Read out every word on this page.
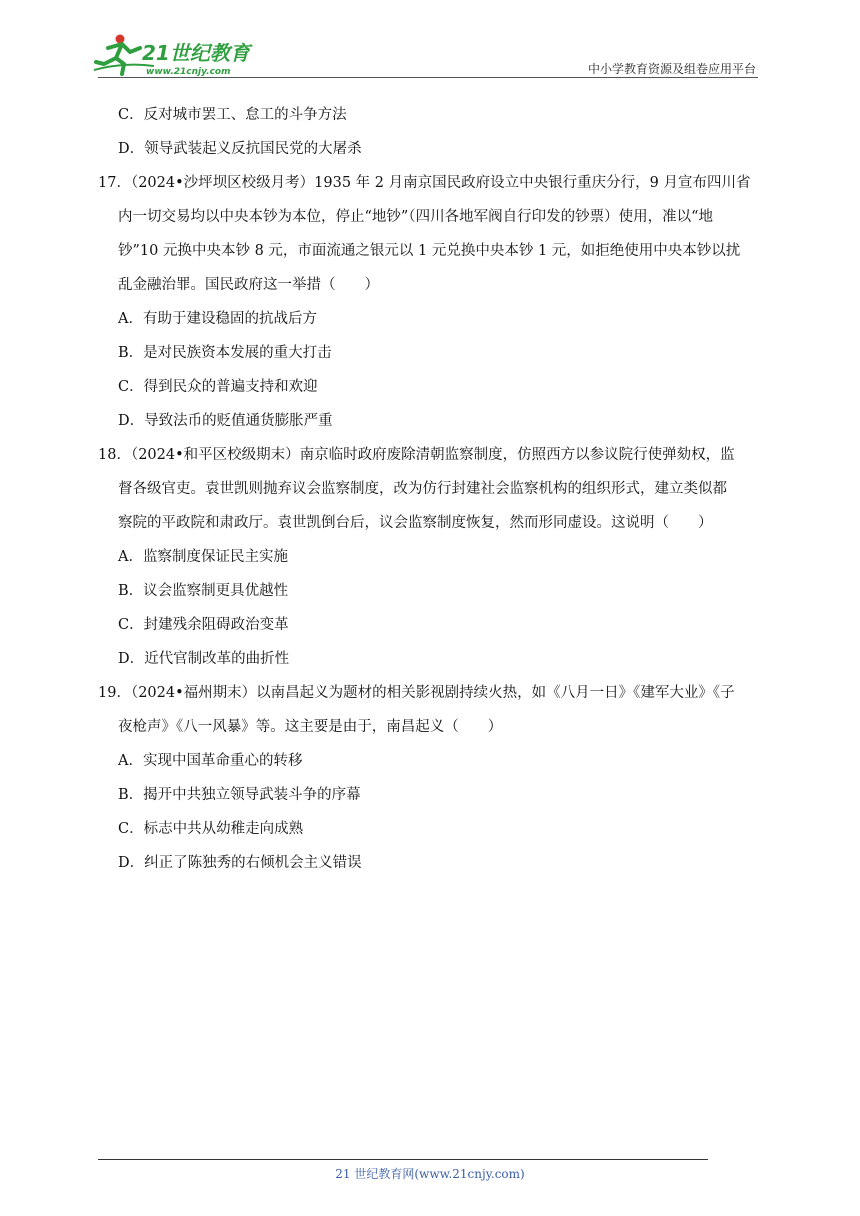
21世纪教育
www.21cnjy.com	中小学教育资源及组卷应用平台
C．反对城市罢工、怠工的斗争方法
D．领导武装起义反抗国民党的大屠杀
17．（2024•沙坪坝区校级月考）1935 年 2 月南京国民政府设立中央银行重庆分行，9 月宣布四川省
内一切交易均以中央本钞为本位，停止“地钞”（四川各地军阀自行印发的钞票）使用，准以“地
钞”10 元换中央本钞 8 元，市面流通之银元以 1 元兑换中央本钞 1 元，如拒绝使用中央本钞以扰
乱金融治罪。国民政府这一举措（　　）
A．有助于建设稳固的抗战后方
B．是对民族资本发展的重大打击
C．得到民众的普遍支持和欢迎
D．导致法币的贬值通货膨胀严重
18．（2024•和平区校级期末）南京临时政府废除清朝监察制度，仿照西方以参议院行使弹劾权，监
督各级官吏。袁世凯则抛弃议会监察制度，改为仿行封建社会监察机构的组织形式，建立类似都
察院的平政院和肃政厅。袁世凯倒台后，议会监察制度恢复，然而形同虚设。这说明（　　）
A．监察制度保证民主实施
B．议会监察制更具优越性
C．封建残余阻碍政治变革
D．近代官制改革的曲折性
19．（2024•福州期末）以南昌起义为题材的相关影视剧持续火热，如《八月一日》《建军大业》《子
夜枪声》《八一风暴》等。这主要是由于，南昌起义（　　）
A．实现中国革命重心的转移
B．揭开中共独立领导武装斗争的序幕
C．标志中共从幼稚走向成熟
D．纠正了陈独秀的右倾机会主义错误
21 世纪教育网(www.21cnjy.com)
